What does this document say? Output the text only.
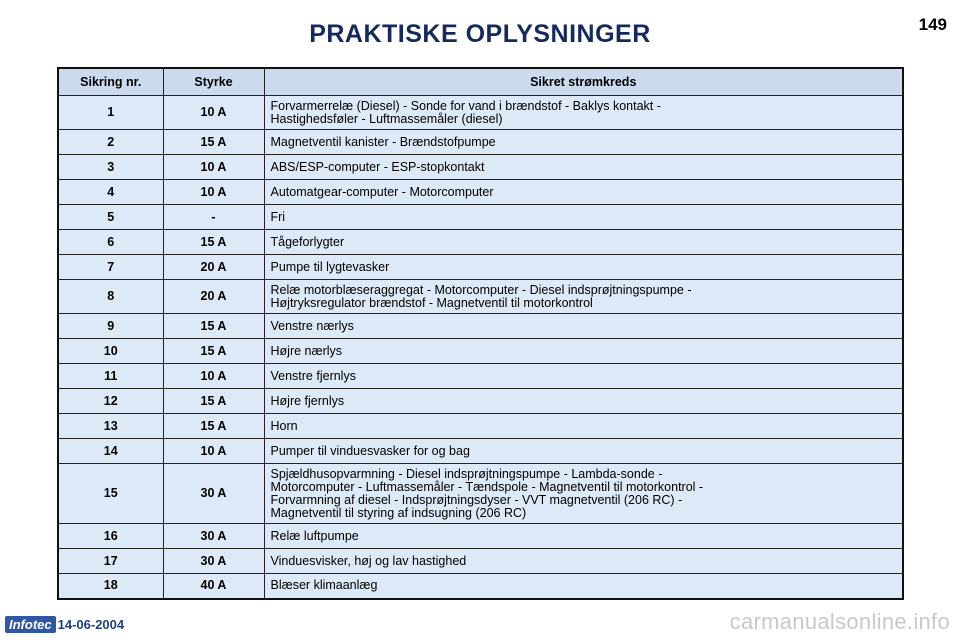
PRAKTISKE OPLYSNINGER	149
Sikring nr.	Styrke	Sikret strømkreds
1	10 A	Forvarmerrelæ (Diesel) - Sonde for vand i brændstof - Baklys kontakt -
Hastighedsføler - Luftmassemåler (diesel)

2	15 A	Magnetventil kanister - Brændstofpumpe

3	10 A	ABS/ESP-computer - ESP-stopkontakt

4	10 A	Automatgear-computer - Motorcomputer

5	-	Fri

6	15 A	Tågeforlygter

7	20 A	Pumpe til lygtevasker

8	20 A	Relæ motorblæseraggregat - Motorcomputer - Diesel indsprøjtningspumpe -
Højtryksregulator brændstof - Magnetventil til motorkontrol

9	15 A	Venstre nærlys

10	15 A	Højre nærlys

11	10 A	Venstre fjernlys

12	15 A	Højre fjernlys

13	15 A	Horn

14	10 A	Pumper til vinduesvasker for og bag

15	30 A	Spjældhusopvarmning - Diesel indsprøjtningspumpe - Lambda-sonde -
Motorcomputer - Luftmassemåler - Tændspole - Magnetventil til motorkontrol -
Forvarmning af diesel - Indsprøjtningsdyser - VVT magnetventil (206 RC) -
Magnetventil til styring af indsugning (206 RC)

16	30 A	Relæ luftpumpe

17	30 A	Vinduesvisker, høj og lav hastighed

18	40 A	Blæser klimaanlæg
Infotec 14-06-2004	carmanualsonline.info
